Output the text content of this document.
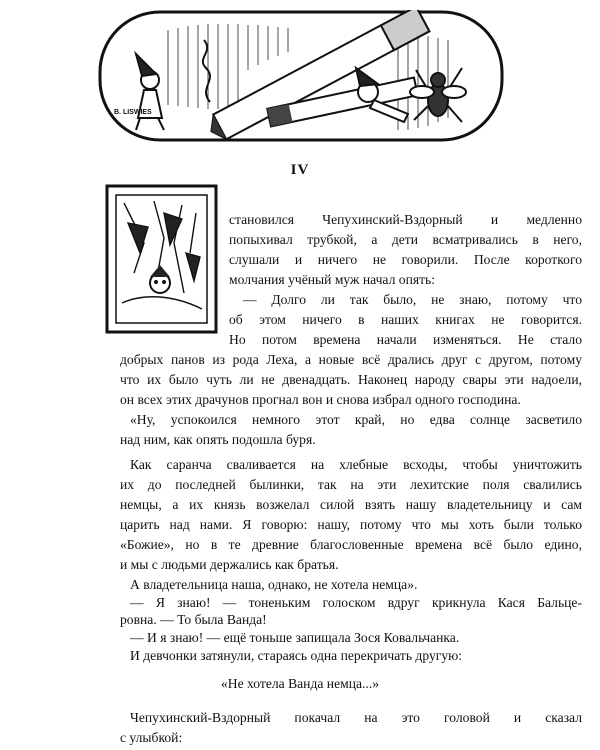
B. LISWIES
IV
становился Чепухинский-Вздорный и медленно
попыхивал трубкой, а дети всматривались в него,
слушали и ничего не говорили. После короткого
молчания учёный муж начал опять:
— Долго ли так было, не знаю, потому что
об этом ничего в наших книгах не говорится.
Но потом времена начали изменяться. Не стало
добрых панов из рода Леха, а новые всё дрались друг с другом, потому
что их было чуть ли не двенадцать. Наконец народу свары эти надоели,
он всех этих драчунов прогнал вон и снова избрал одного господина.
«Ну, успокоился немного этот край, но едва солнце засветило
над ним, как опять подошла буря.
Как саранча сваливается на хлебные всходы, чтобы уничтожить
их до последней былинки, так на эти лехитские поля свалились
немцы, а их князь возжелал силой взять нашу владетельницу и сам
царить над нами. Я говорю: нашу, потому что мы хоть были только
«Божие», но в те древние благословенные времена всё было едино,
и мы с людьми держались как братья.
А владетельница наша, однако, не хотела немца».
— Я знаю! — тоненьким голоском вдруг крикнула Кася Бальце-
ровна. — То была Ванда!
«Не хотела Ванда немца...»
Чепухинский-Вздорный покачал на это головой и сказал
с улыбкой:
— И я знаю! — ещё тоньше запищала Зося Ковальчанка.
И девчонки затянули, стараясь одна перекричать другую:
